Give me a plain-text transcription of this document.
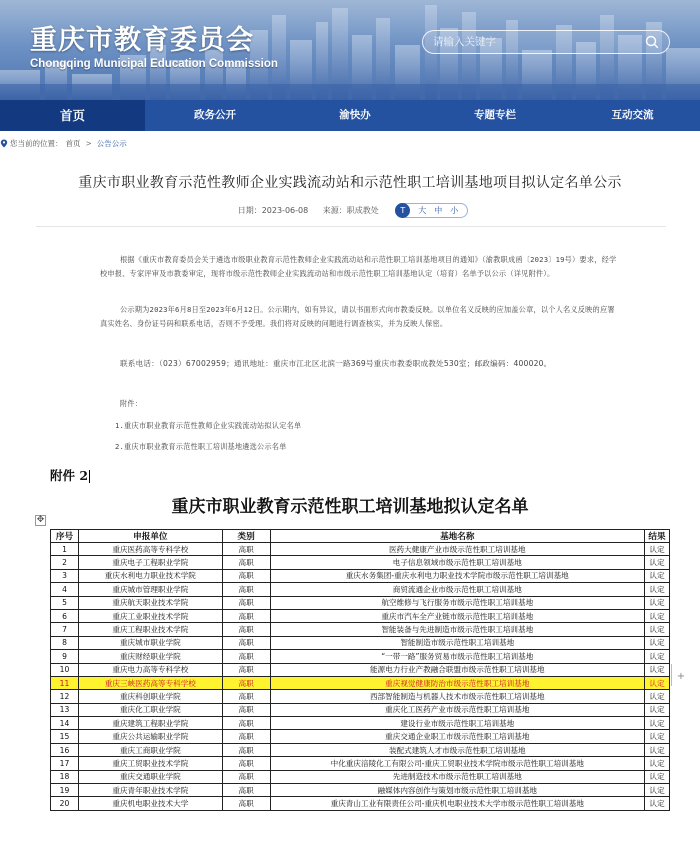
重庆市教育委员会
Chongqing Municipal Education Commission
请输入关键字
首页	政务公开	渝快办	专题专栏	互动交流
您当前的位置： 首页 > 公告公示
重庆市职业教育示范性教师企业实践流动站和示范性职工培训基地项目拟认定名单公示
日期：2023-06-08 来源：职成教处	T	大 中 小
根据《重庆市教育委员会关于遴选市级职业教育示范性教师企业实践流动站和示范性职工培训基地项目的通知》（渝教职成函〔2023〕19号）要求，经学校申报、专家评审及市教委审定，现将市级示范性教师企业实践流动站和市级示范性职工培训基地认定（培育）名单予以公示（详见附件）。
公示期为2023年6月8日至2023年6月12日。公示期内，如有异议，请以书面形式向市教委反映。以单位名义反映的应加盖公章，以个人名义反映的应署真实姓名、身份证号码和联系电话，否则不予受理。我们将对反映的问题进行调查核实，并为反映人保密。
联系电话：（023）67002959；通讯地址：重庆市江北区北滨一路369号重庆市教委职成教处530室；邮政编码：400020。
附件：
1.重庆市职业教育示范性教师企业实践流动站拟认定名单
2.重庆市职业教育示范性职工培训基地遴选公示名单
附件 2
重庆市职业教育示范性职工培训基地拟认定名单
✥
+
序号	申报单位	类别	基地名称	结果
1	重庆医药高等专科学校	高职	医药大健康产业市级示范性职工培训基地	认定
2	重庆电子工程职业学院	高职	电子信息领域市级示范性职工培训基地	认定
3	重庆水利电力职业技术学院	高职	重庆水务集团-重庆水利电力职业技术学院市级示范性职工培训基地	认定
4	重庆城市管理职业学院	高职	商贸流通企业市级示范性职工培训基地	认定
5	重庆航天职业技术学院	高职	航空维修与飞行服务市级示范性职工培训基地	认定
6	重庆工业职业技术学院	高职	重庆市汽车全产业链市级示范性职工培训基地	认定
7	重庆工程职业技术学院	高职	智能装备与先进制造市级示范性职工培训基地	认定
8	重庆城市职业学院	高职	智能制造市级示范性职工培训基地	认定
9	重庆财经职业学院	高职	“一带一路”服务贸易市级示范性职工培训基地	认定
10	重庆电力高等专科学校	高职	能源电力行业产教融合联盟市级示范性职工培训基地	认定
11	重庆三峡医药高等专科学校	高职	重庆视觉健康防治市级示范性职工培训基地	认定
12	重庆科创职业学院	高职	西部智能制造与机器人技术市级示范性职工培训基地	认定
13	重庆化工职业学院	高职	重庆化工医药产业市级示范性职工培训基地	认定
14	重庆建筑工程职业学院	高职	建设行业市级示范性职工培训基地	认定
15	重庆公共运输职业学院	高职	重庆交通企业职工市级示范性职工培训基地	认定
16	重庆工商职业学院	高职	装配式建筑人才市级示范性职工培训基地	认定
17	重庆工贸职业技术学院	高职	中化重庆涪陵化工有限公司-重庆工贸职业技术学院市级示范性职工培训基地	认定
18	重庆交通职业学院	高职	先进制造技术市级示范性职工培训基地	认定
19	重庆青年职业技术学院	高职	融媒体内容创作与策划市级示范性职工培训基地	认定
20	重庆机电职业技术大学	高职	重庆青山工业有限责任公司-重庆机电职业技术大学市级示范性职工培训基地	认定
